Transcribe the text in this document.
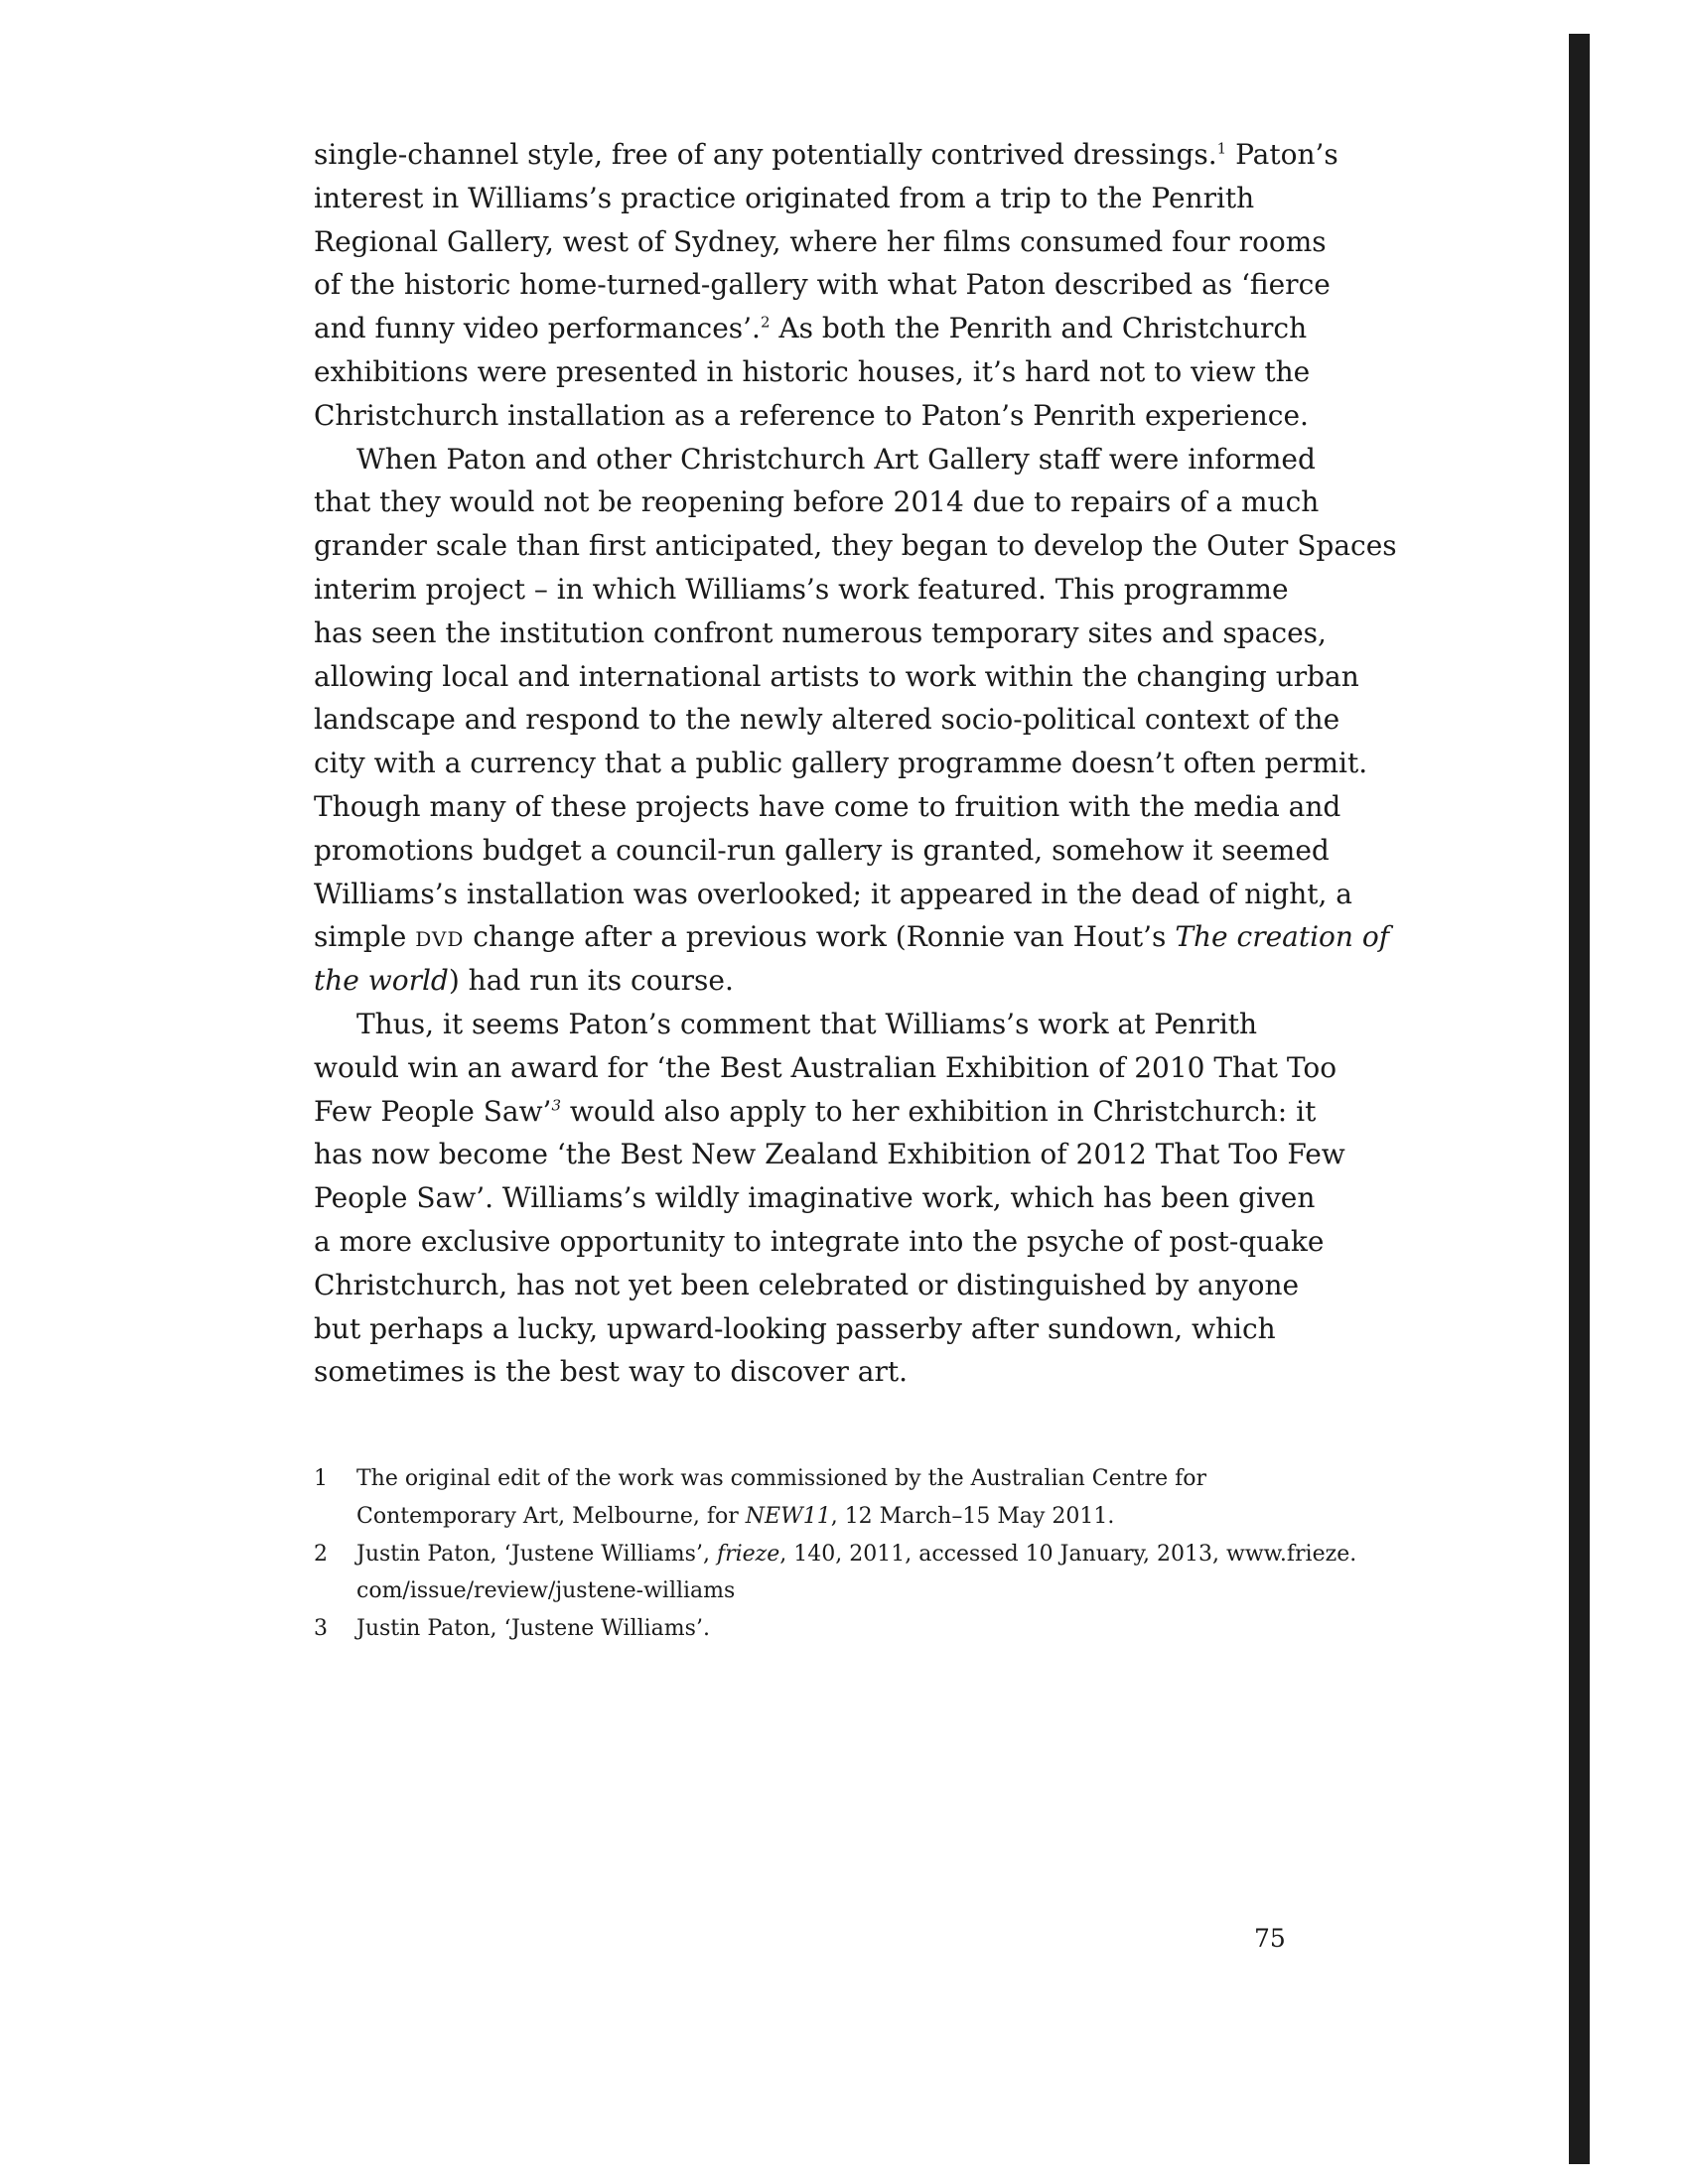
single-channel style, free of any potentially contrived dressings.$^1$ Paton’s
interest in Williams’s practice originated from a trip to the Penrith
Regional Gallery, west of Sydney, where her films consumed four rooms
of the historic home-turned-gallery with what Paton described as ‘fierce
and funny video performances’.$^2$ As both the Penrith and Christchurch
exhibitions were presented in historic houses, it’s hard not to view the
Christchurch installation as a reference to Paton’s Penrith experience.
When Paton and other Christchurch Art Gallery staff were informed
that they would not be reopening before 2014 due to repairs of a much
grander scale than first anticipated, they began to develop the Outer Spaces
interim project – in which Williams’s work featured. This programme
has seen the institution confront numerous temporary sites and spaces,
allowing local and international artists to work within the changing urban
landscape and respond to the newly altered socio-political context of the
city with a currency that a public gallery programme doesn’t often permit.
Though many of these projects have come to fruition with the media and
promotions budget a council-run gallery is granted, somehow it seemed
Williams’s installation was overlooked; it appeared in the dead of night, a
simple dvd change after a previous work (Ronnie van Hout’s The creation of
the world) had run its course.
Thus, it seems Paton’s comment that Williams’s work at Penrith
would win an award for ‘the Best Australian Exhibition of 2010 That Too
Few People Saw’$^3$ would also apply to her exhibition in Christchurch: it
has now become ‘the Best New Zealand Exhibition of 2012 That Too Few
People Saw’. Williams’s wildly imaginative work, which has been given
a more exclusive opportunity to integrate into the psyche of post-quake
Christchurch, has not yet been celebrated or distinguished by anyone
but perhaps a lucky, upward-looking passerby after sundown, which
sometimes is the best way to discover art.
1 The original edit of the work was commissioned by the Australian Centre for
Contemporary Art, Melbourne, for NEW11, 12 March–15 May 2011.
2 Justin Paton, ‘Justene Williams’, frieze, 140, 2011, accessed 10 January, 2013, www.frieze.
com/issue/review/justene-williams
3 Justin Paton, ‘Justene Williams’.
75
